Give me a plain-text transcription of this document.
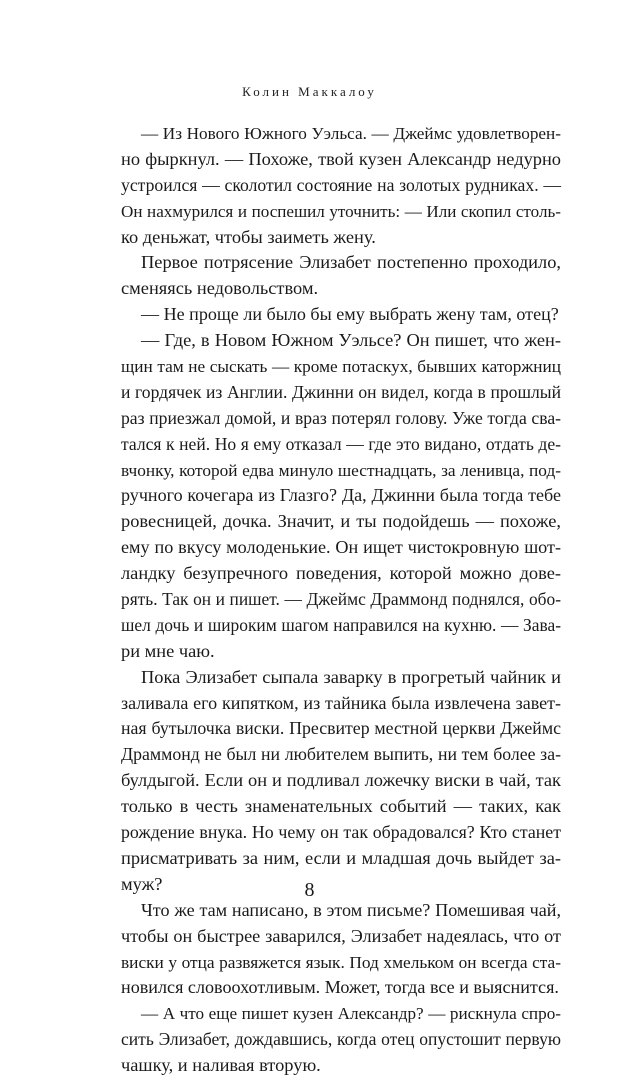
Колин Маккалоу
— Из Нового Южного Уэльса. — Джеймс удовлетворен-
но фыркнул. — Похоже, твой кузен Александр недурно
устроился — сколотил состояние на золотых рудниках. —
Он нахмурился и поспешил уточнить: — Или скопил столь-
ко деньжат, чтобы заиметь жену.
Первое потрясение Элизабет постепенно проходило,
сменяясь недовольством.
— Не проще ли было бы ему выбрать жену там, отец?
— Где, в Новом Южном Уэльсе? Он пишет, что жен-
щин там не сыскать — кроме потаскух, бывших каторжниц
и гордячек из Англии. Джинни он видел, когда в прошлый
раз приезжал домой, и враз потерял голову. Уже тогда сва-
тался к ней. Но я ему отказал — где это видано, отдать де-
вчонку, которой едва минуло шестнадцать, за ленивца, под-
ручного кочегара из Глазго? Да, Джинни была тогда тебе
ровесницей, дочка. Значит, и ты подойдешь — похоже,
ему по вкусу молоденькие. Он ищет чистокровную шот-
ландку безупречного поведения, которой можно дове-
рять. Так он и пишет. — Джеймс Драммонд поднялся, обо-
шел дочь и широким шагом направился на кухню. — Зава-
ри мне чаю.
Пока Элизабет сыпала заварку в прогретый чайник и
заливала его кипятком, из тайника была извлечена завет-
ная бутылочка виски. Пресвитер местной церкви Джеймс
Драммонд не был ни любителем выпить, ни тем более за-
булдыгой. Если он и подливал ложечку виски в чай, так
только в честь знаменательных событий — таких, как
рождение внука. Но чему он так обрадовался? Кто станет
присматривать за ним, если и младшая дочь выйдет за-
муж?
Что же там написано, в этом письме? Помешивая чай,
чтобы он быстрее заварился, Элизабет надеялась, что от
виски у отца развяжется язык. Под хмельком он всегда ста-
новился словоохотливым. Может, тогда все и выяснится.
— А что еще пишет кузен Александр? — рискнула спро-
сить Элизабет, дождавшись, когда отец опустошит первую
чашку, и наливая вторую.
8
